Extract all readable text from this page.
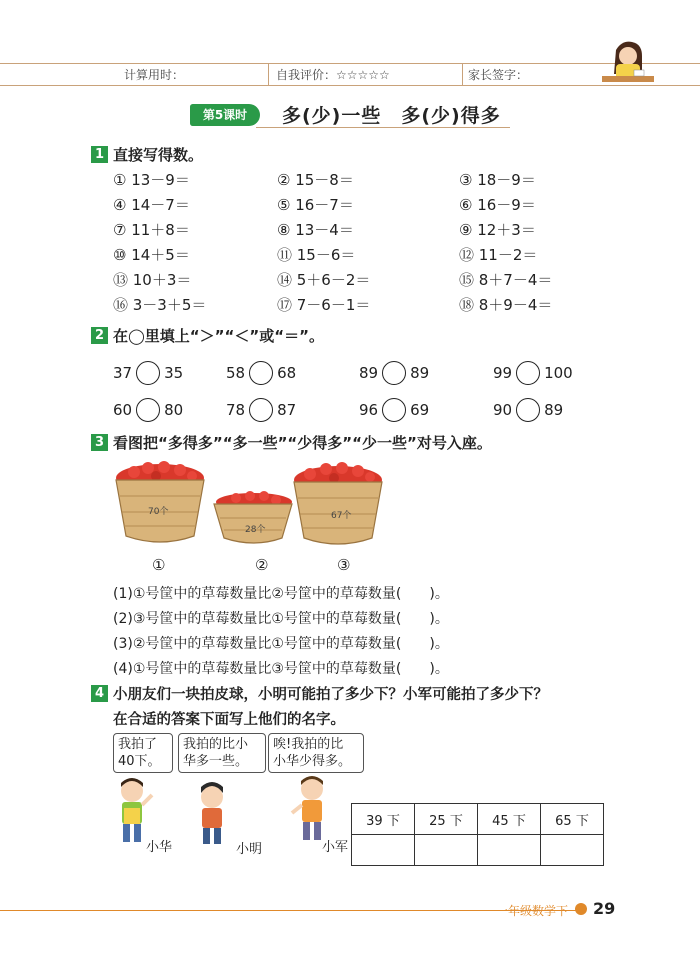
计算用时：	自我评价：☆☆☆☆☆	家长签字：
第5课时	多(少)一些　多(少)得多
1 直接写得数。
① 13－9＝	② 15－8＝	③ 18－9＝
④ 14－7＝	⑤ 16－7＝	⑥ 16－9＝
⑦ 11＋8＝	⑧ 13－4＝	⑨ 12＋3＝
⑩ 14＋5＝	⑪ 15－6＝	⑫ 11－2＝
⑬ 10＋3＝	⑭ 5＋6－2＝	⑮ 8＋7－4＝
⑯ 3－3＋5＝	⑰ 7－6－1＝	⑱ 8＋9－4＝
2 在◯里填上“＞”“＜”或“＝”。
37 35	58 68	89 89	99 100
60 80	78 87	96 69	90 89
3 看图把“多得多”“多一些”“少得多”“少一些”对号入座。
70个
28个
67个
①	②	③
(1)①号筐中的草莓数量比②号筐中的草莓数量(　　)。
(2)③号筐中的草莓数量比①号筐中的草莓数量(　　)。
(3)②号筐中的草莓数量比①号筐中的草莓数量(　　)。
(4)①号筐中的草莓数量比③号筐中的草莓数量(　　)。
4 小朋友们一块拍皮球，小明可能拍了多少下？小军可能拍了多少下？
在合适的答案下面写上他们的名字。
我拍了
40下。
我拍的比小
华多一些。
唉!我拍的比
小华少得多。
小华	小明	小军
39 下	25 下	45 下	65 下

一年级数学下 29
